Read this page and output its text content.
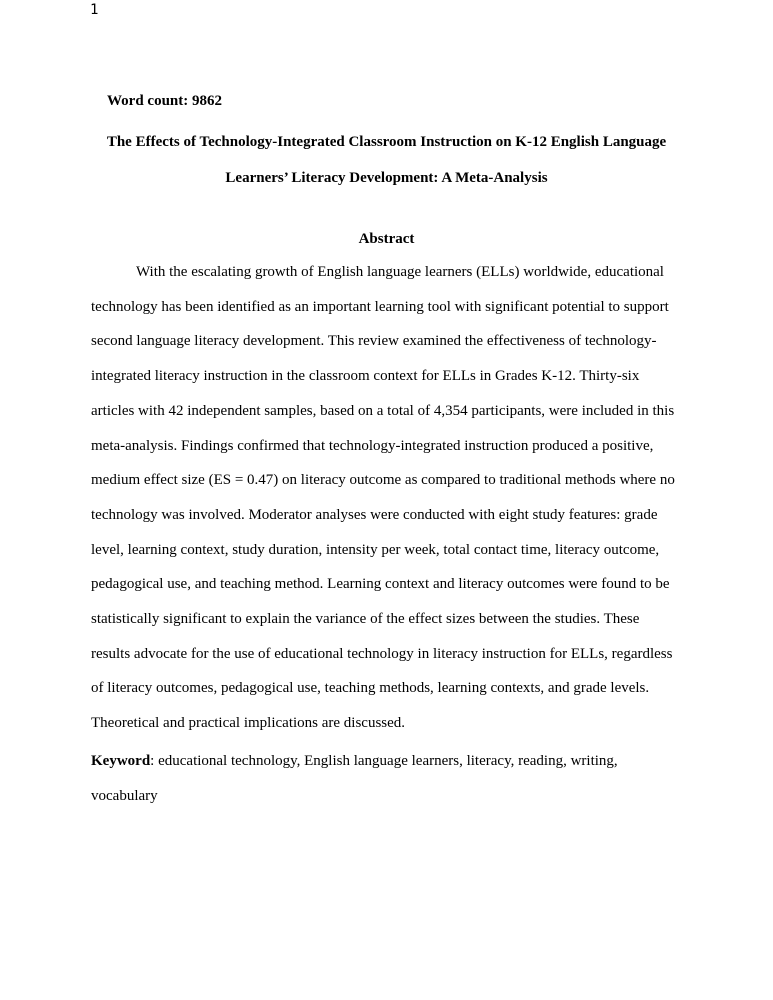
1
Word count: 9862
The Effects of Technology-Integrated Classroom Instruction on K-12 English Language
Learners’ Literacy Development: A Meta-Analysis
Abstract

With the escalating growth of English language learners (ELLs) worldwide, educational
technology has been identified as an important learning tool with significant potential to support
second language literacy development. This review examined the effectiveness of technology-
integrated literacy instruction in the classroom context for ELLs in Grades K-12. Thirty-six
articles with 42 independent samples, based on a total of 4,354 participants, were included in this
meta-analysis. Findings confirmed that technology-integrated instruction produced a positive,
medium effect size (ES = 0.47) on literacy outcome as compared to traditional methods where no
technology was involved. Moderator analyses were conducted with eight study features: grade
level, learning context, study duration, intensity per week, total contact time, literacy outcome,
pedagogical use, and teaching method. Learning context and literacy outcomes were found to be
statistically significant to explain the variance of the effect sizes between the studies. These
results advocate for the use of educational technology in literacy instruction for ELLs, regardless
of literacy outcomes, pedagogical use, teaching methods, learning contexts, and grade levels.
Theoretical and practical implications are discussed.

Keyword: educational technology, English language learners, literacy, reading, writing,
vocabulary
